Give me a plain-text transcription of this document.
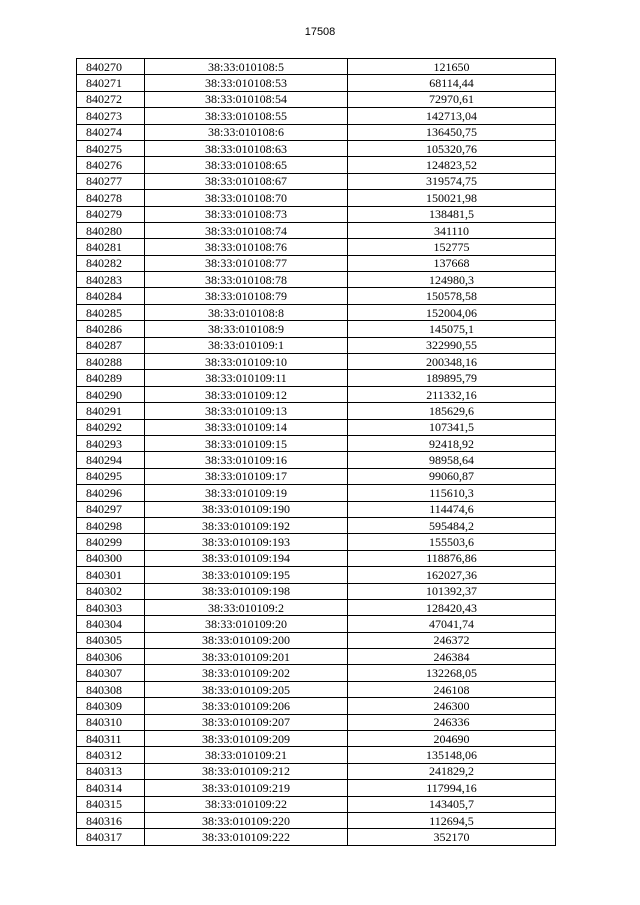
17508
840270	38:33:010108:5	121650
840271	38:33:010108:53	68114,44
840272	38:33:010108:54	72970,61
840273	38:33:010108:55	142713,04
840274	38:33:010108:6	136450,75
840275	38:33:010108:63	105320,76
840276	38:33:010108:65	124823,52
840277	38:33:010108:67	319574,75
840278	38:33:010108:70	150021,98
840279	38:33:010108:73	138481,5
840280	38:33:010108:74	341110
840281	38:33:010108:76	152775
840282	38:33:010108:77	137668
840283	38:33:010108:78	124980,3
840284	38:33:010108:79	150578,58
840285	38:33:010108:8	152004,06
840286	38:33:010108:9	145075,1
840287	38:33:010109:1	322990,55
840288	38:33:010109:10	200348,16
840289	38:33:010109:11	189895,79
840290	38:33:010109:12	211332,16
840291	38:33:010109:13	185629,6
840292	38:33:010109:14	107341,5
840293	38:33:010109:15	92418,92
840294	38:33:010109:16	98958,64
840295	38:33:010109:17	99060,87
840296	38:33:010109:19	115610,3
840297	38:33:010109:190	114474,6
840298	38:33:010109:192	595484,2
840299	38:33:010109:193	155503,6
840300	38:33:010109:194	118876,86
840301	38:33:010109:195	162027,36
840302	38:33:010109:198	101392,37
840303	38:33:010109:2	128420,43
840304	38:33:010109:20	47041,74
840305	38:33:010109:200	246372
840306	38:33:010109:201	246384
840307	38:33:010109:202	132268,05
840308	38:33:010109:205	246108
840309	38:33:010109:206	246300
840310	38:33:010109:207	246336
840311	38:33:010109:209	204690
840312	38:33:010109:21	135148,06
840313	38:33:010109:212	241829,2
840314	38:33:010109:219	117994,16
840315	38:33:010109:22	143405,7
840316	38:33:010109:220	112694,5
840317	38:33:010109:222	352170
